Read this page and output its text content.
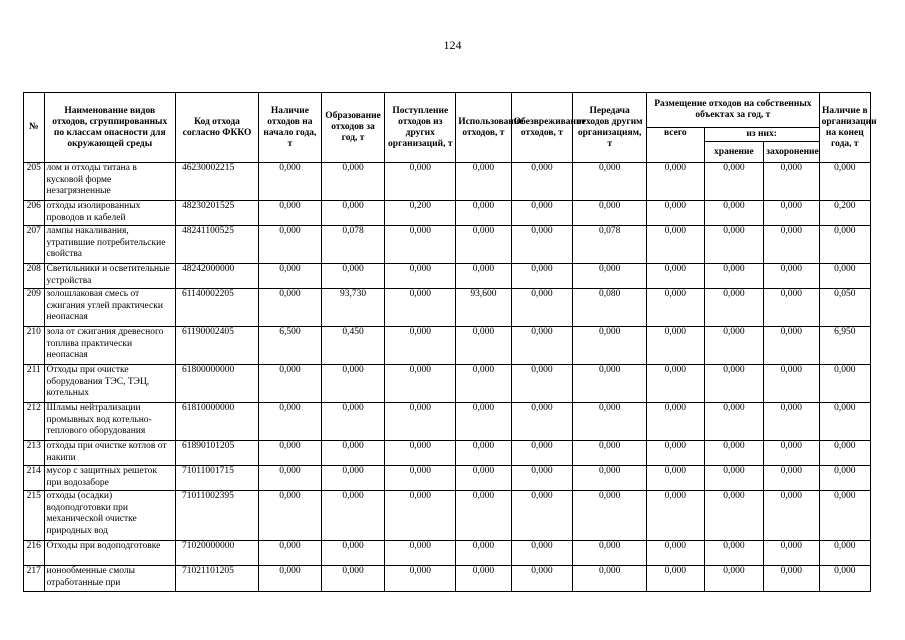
124
№	Наименование видов отходов, сгруппированных по классам опасности для окружающей среды	Код отхода согласно ФККО	Наличие отходов на начало года, т	Образование отходов за год, т	Поступление отходов из других организаций, т	Использование отходов, т	Обезвреживание отходов, т	Передача отходов другим организациям, т	Размещение отходов на собственных объектах за год, т			Наличие в организации на конец года, т
									всего	из них:		
										хранение	захоронение	
205	лом и отходы титана в кусковой форме незагрязненные	46230002215	0,000	0,000	0,000	0,000	0,000	0,000	0,000	0,000	0,000	0,000
206	отходы изолированных проводов и кабелей	48230201525	0,000	0,000	0,200	0,000	0,000	0,000	0,000	0,000	0,000	0,200
207	лампы накаливания, утратившие потребительские свойства	48241100525	0,000	0,078	0,000	0,000	0,000	0,078	0,000	0,000	0,000	0,000
208	Светильники и осветительные устройства	48242000000	0,000	0,000	0,000	0,000	0,000	0,000	0,000	0,000	0,000	0,000
209	золошлаковая смесь от сжигания углей практически неопасная	61140002205	0,000	93,730	0,000	93,600	0,000	0,080	0,000	0,000	0,000	0,050
210	зола от сжигания древесного топлива практически неопасная	61190002405	6,500	0,450	0,000	0,000	0,000	0,000	0,000	0,000	0,000	6,950
211	Отходы при очистке оборудования ТЭС, ТЭЦ, котельных	61800000000	0,000	0,000	0,000	0,000	0,000	0,000	0,000	0,000	0,000	0,000
212	Шламы нейтрализации промывных вод котельно-теплового оборудования	61810000000	0,000	0,000	0,000	0,000	0,000	0,000	0,000	0,000	0,000	0,000
213	отходы при очистке котлов от накипи	61890101205	0,000	0,000	0,000	0,000	0,000	0,000	0,000	0,000	0,000	0,000
214	мусор с защитных решеток при водозаборе	71011001715	0,000	0,000	0,000	0,000	0,000	0,000	0,000	0,000	0,000	0,000
215	отходы (осадки) водоподготовки при механической очистке природных вод	71011002395	0,000	0,000	0,000	0,000	0,000	0,000	0,000	0,000	0,000	0,000
216	Отходы при водоподготовке	71020000000	0,000	0,000	0,000	0,000	0,000	0,000	0,000	0,000	0,000	0,000
217	ионообменные смолы отработанные при	71021101205	0,000	0,000	0,000	0,000	0,000	0,000	0,000	0,000	0,000	0,000
